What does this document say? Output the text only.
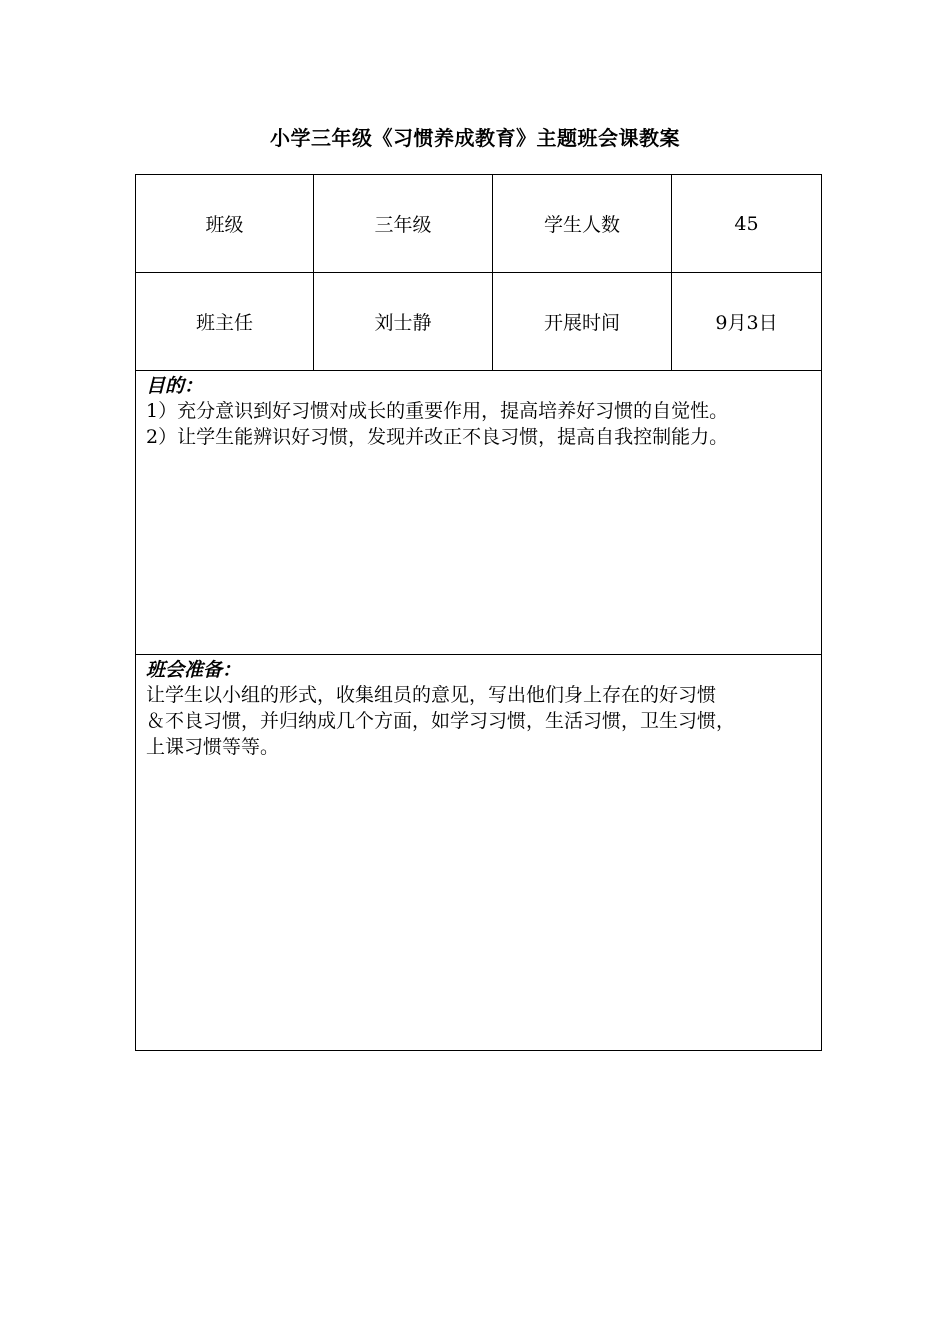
小学三年级《习惯养成教育》主题班会课教案
班级	三年级	学生人数	45
班主任	刘士静	开展时间	9月3日

目的：
1）充分意识到好习惯对成长的重要作用，提高培养好习惯的自觉性。
2）让学生能辨识好习惯，发现并改正不良习惯，提高自我控制能力。			

班会准备：
让学生以小组的形式，收集组员的意见，写出他们身上存在的好习惯
＆不良习惯，并归纳成几个方面，如学习习惯，生活习惯，卫生习惯，
上课习惯等等。			
